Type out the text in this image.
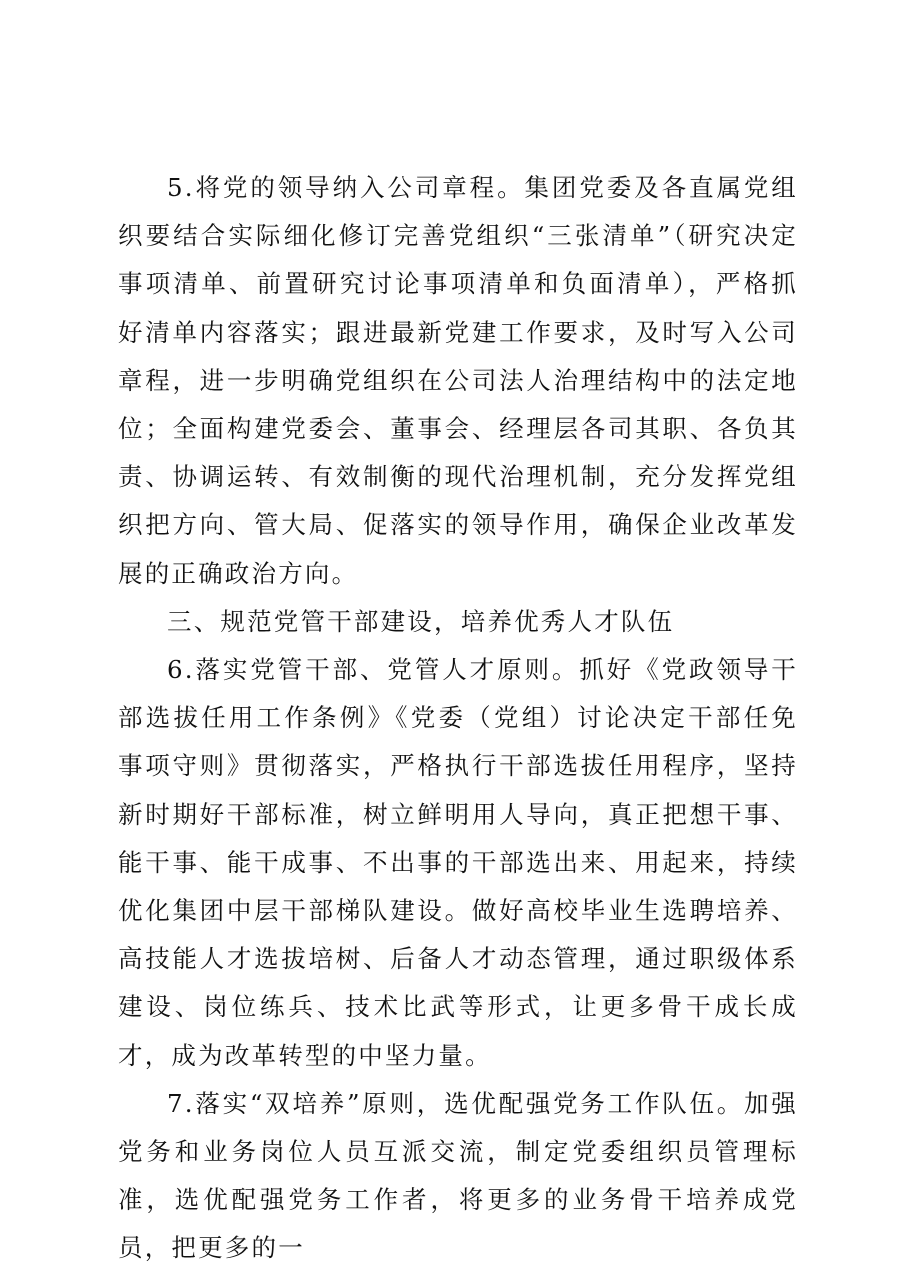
5.将党的领导纳入公司章程。集团党委及各直属党组织要结合实际细化修订完善党组织“三张清单”（研究决定事项清单、前置研究讨论事项清单和负面清单），严格抓好清单内容落实；跟进最新党建工作要求，及时写入公司章程，进一步明确党组织在公司法人治理结构中的法定地位；全面构建党委会、董事会、经理层各司其职、各负其责、协调运转、有效制衡的现代治理机制，充分发挥党组织把方向、管大局、促落实的领导作用，确保企业改革发展的正确政治方向。

三、规范党管干部建设，培养优秀人才队伍

6.落实党管干部、党管人才原则。抓好《党政领导干部选拔任用工作条例》《党委（党组）讨论决定干部任免事项守则》贯彻落实，严格执行干部选拔任用程序，坚持新时期好干部标准，树立鲜明用人导向，真正把想干事、能干事、能干成事、不出事的干部选出来、用起来，持续优化集团中层干部梯队建设。做好高校毕业生选聘培养、高技能人才选拔培树、后备人才动态管理，通过职级体系建设、岗位练兵、技术比武等形式，让更多骨干成长成才，成为改革转型的中坚力量。

7.落实“双培养”原则，选优配强党务工作队伍。加强党务和业务岗位人员互派交流，制定党委组织员管理标准，选优配强党务工作者，将更多的业务骨干培养成党员，把更多的一
